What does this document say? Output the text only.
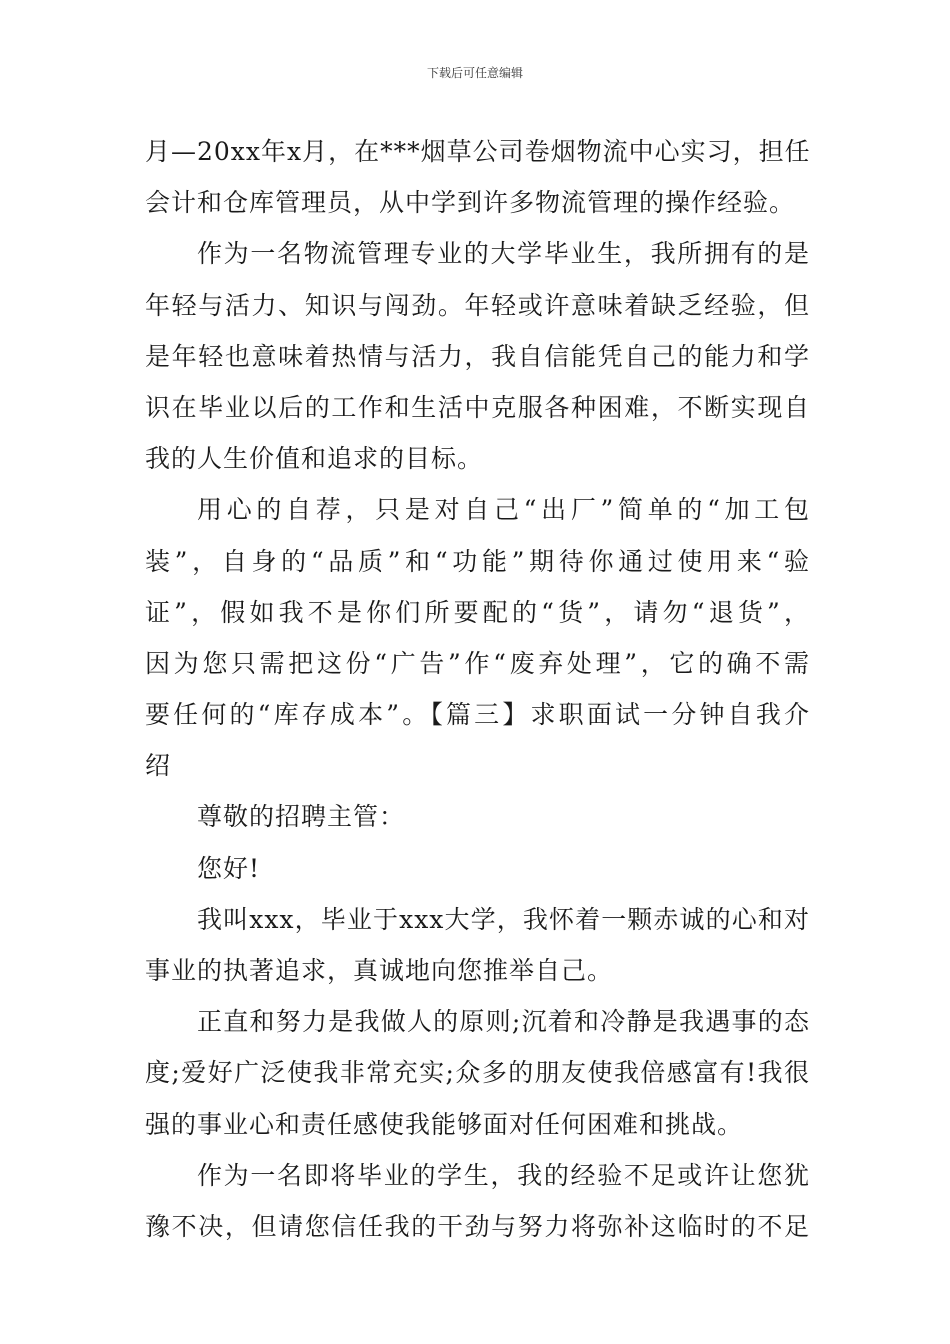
下载后可任意编辑
月—20xx年x月，在***烟草公司卷烟物流中心实习，担任
会计和仓库管理员，从中学到许多物流管理的操作经验。
作为一名物流管理专业的大学毕业生，我所拥有的是
年轻与活力、知识与闯劲。年轻或许意味着缺乏经验，但
是年轻也意味着热情与活力，我自信能凭自己的能力和学
识在毕业以后的工作和生活中克服各种困难，不断实现自
我的人生价值和追求的目标。
用心的自荐，只是对自己“出厂”简单的“加工包
装”，自身的“品质”和“功能”期待你通过使用来“验
证”，假如我不是你们所要配的“货”，请勿“退货”，
因为您只需把这份“广告”作“废弃处理”，它的确不需
要任何的“库存成本”。【篇三】求职面试一分钟自我介
绍
尊敬的招聘主管：
您好!
我叫xxx，毕业于xxx大学，我怀着一颗赤诚的心和对
事业的执著追求，真诚地向您推举自己。
正直和努力是我做人的原则;沉着和冷静是我遇事的态
度;爱好广泛使我非常充实;众多的朋友使我倍感富有!我很
强的事业心和责任感使我能够面对任何困难和挑战。
作为一名即将毕业的学生，我的经验不足或许让您犹
豫不决，但请您信任我的干劲与努力将弥补这临时的不足
